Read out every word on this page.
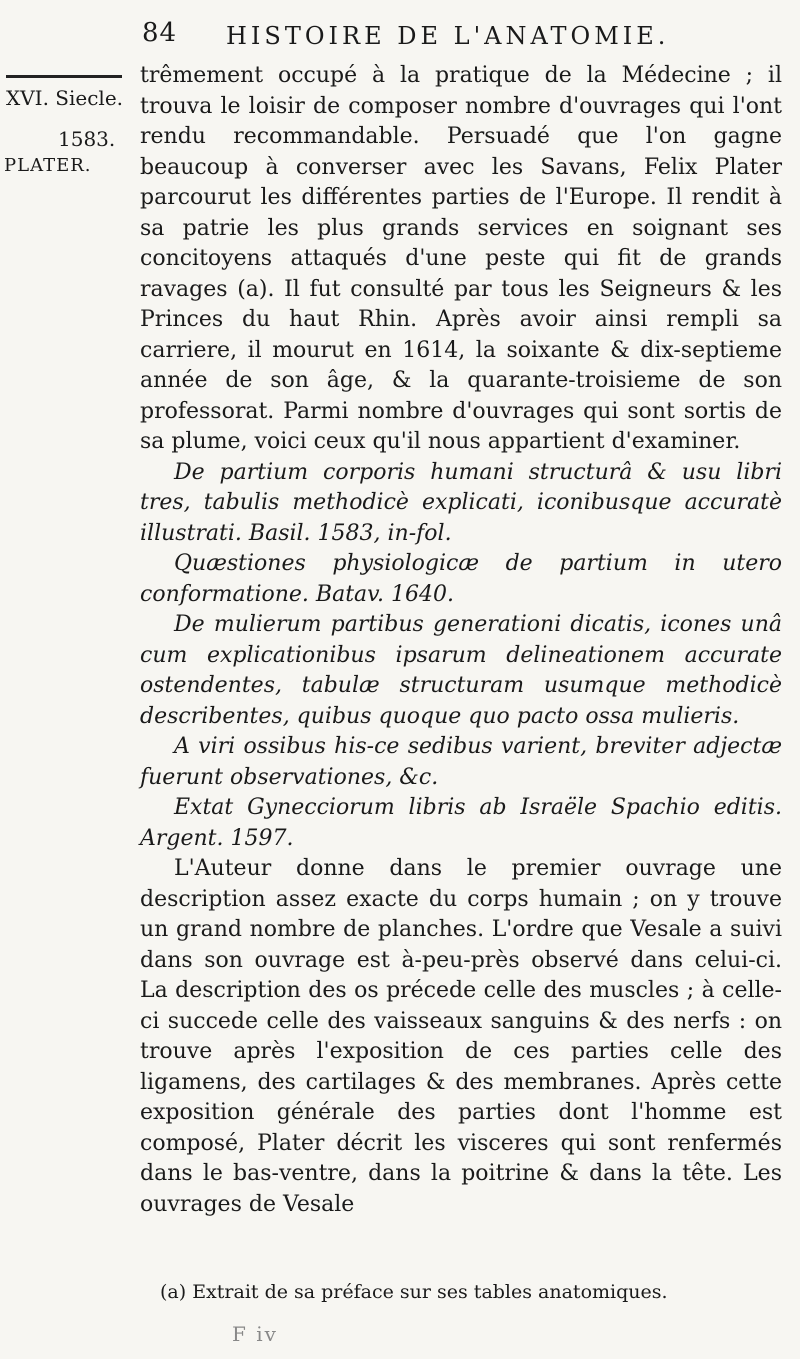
84 HISTOIRE DE L'ANATOMIE.
XVI. Siecle.
1583.
PLATER.

trêmement occupé à la pratique de la Médecine ; il trouva le loisir de composer nombre d'ouvrages qui l'ont rendu recommandable. Persuadé que l'on gagne beaucoup à converser avec les Savans, Felix Plater parcourut les différentes parties de l'Europe. Il rendit à sa patrie les plus grands services en soignant ses concitoyens attaqués d'une peste qui fit de grands ravages (a). Il fut consulté par tous les Seigneurs & les Princes du haut Rhin. Après avoir ainsi rempli sa carriere, il mourut en 1614, la soixante & dix-septieme année de son âge, & la quarante-troisieme de son professorat. Parmi nombre d'ouvrages qui sont sortis de sa plume, voici ceux qu'il nous appartient d'examiner.

De partium corporis humani structurâ & usu libri tres, tabulis methodicè explicati, iconibusque accuratè illustrati. Basil. 1583, in-fol.

Quæstiones physiologicæ de partium in utero conformatione. Batav. 1640.

De mulierum partibus generationi dicatis, icones unâ cum explicationibus ipsarum delineationem accurate ostendentes, tabulæ structuram usumque methodicè describentes, quibus quoque quo pacto ossa mulieris.

A viri ossibus his-ce sedibus varient, breviter adjectæ fuerunt observationes, &c.

Extat Gynecciorum libris ab Israële Spachio editis. Argent. 1597.

L'Auteur donne dans le premier ouvrage une description assez exacte du corps humain ; on y trouve un grand nombre de planches. L'ordre que Vesale a suivi dans son ouvrage est à-peu-près observé dans celui-ci. La description des os précede celle des muscles ; à celle-ci succede celle des vaisseaux sanguins & des nerfs : on trouve après l'exposition de ces parties celle des ligamens, des cartilages & des membranes. Après cette exposition générale des parties dont l'homme est composé, Plater décrit les visceres qui sont renfermés dans le bas-ventre, dans la poitrine & dans la tête. Les ouvrages de Vesale

(a) Extrait de sa préface sur ses tables anatomiques.
F iv
